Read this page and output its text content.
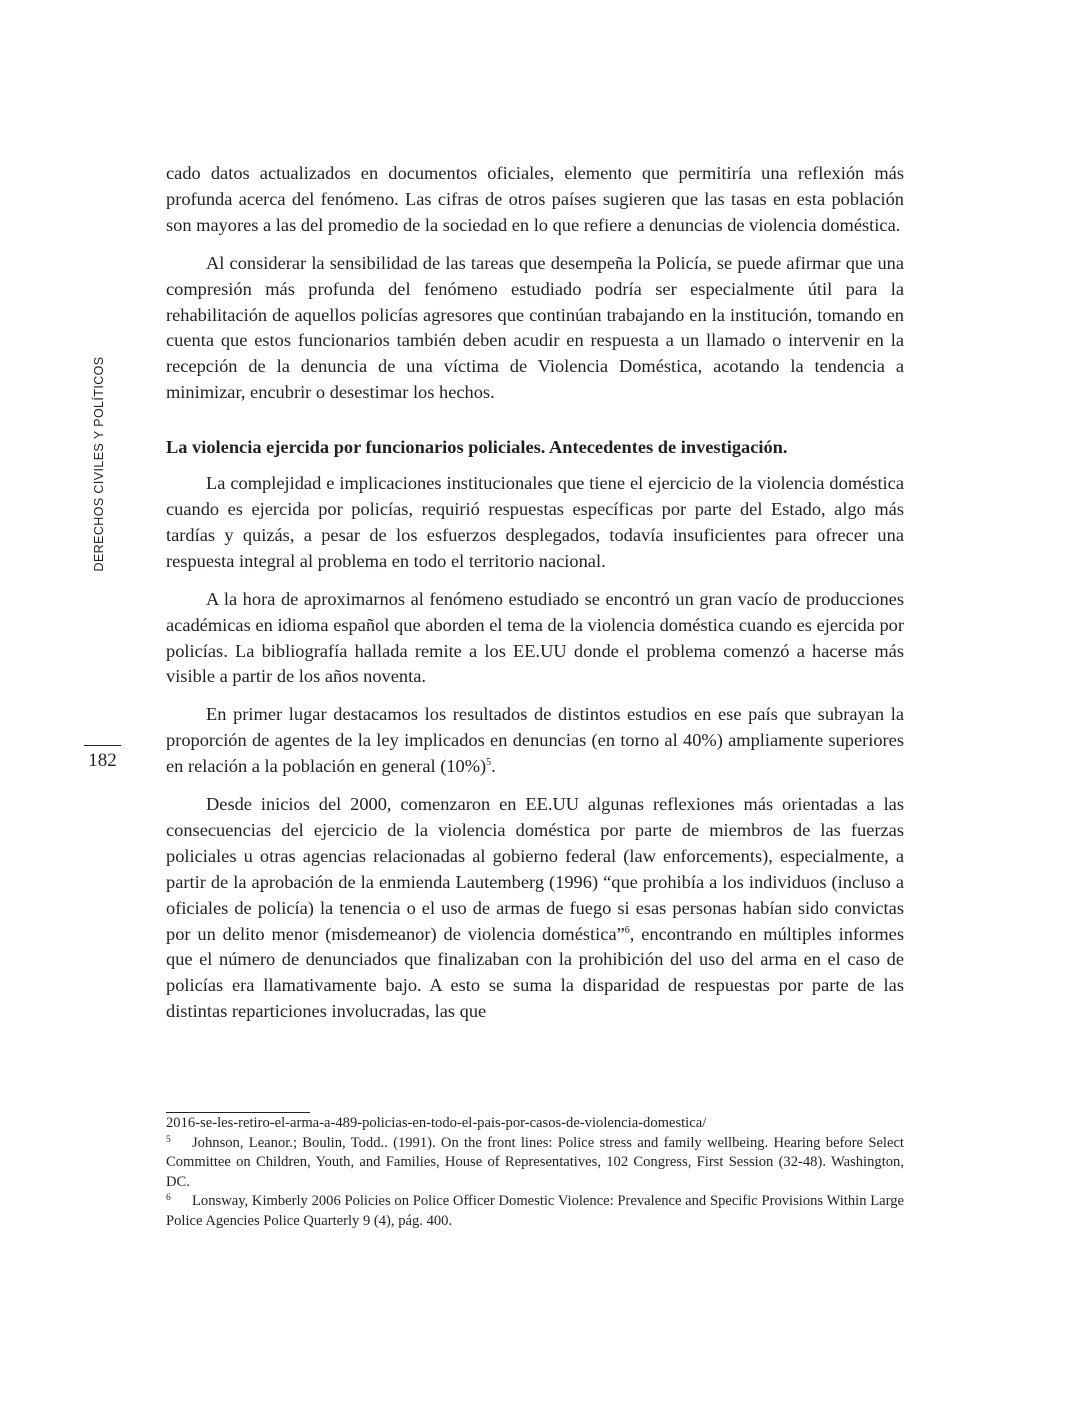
DERECHOS CIVILES Y POLÍTICOS
182

cado datos actualizados en documentos oficiales, elemento que permitiría una reflexión más profunda acerca del fenómeno. Las cifras de otros países sugieren que las tasas en esta población son mayores a las del promedio de la sociedad en lo que refiere a denuncias de violencia doméstica.

Al considerar la sensibilidad de las tareas que desempeña la Policía, se puede afirmar que una compresión más profunda del fenómeno estudiado podría ser especialmente útil para la rehabilitación de aquellos policías agresores que continúan trabajando en la institución, tomando en cuenta que estos funcionarios también deben acudir en respuesta a un llamado o intervenir en la recepción de la denuncia de una víctima de Violencia Doméstica, acotando la tendencia a minimizar, encubrir o desestimar los hechos.

La violencia ejercida por funcionarios policiales. Antecedentes de investigación.

La complejidad e implicaciones institucionales que tiene el ejercicio de la violencia doméstica cuando es ejercida por policías, requirió respuestas específicas por parte del Estado, algo más tardías y quizás, a pesar de los esfuerzos desplegados, todavía insuficientes para ofrecer una respuesta integral al problema en todo el territorio nacional.

A la hora de aproximarnos al fenómeno estudiado se encontró un gran vacío de producciones académicas en idioma español que aborden el tema de la violencia doméstica cuando es ejercida por policías. La bibliografía hallada remite a los EE.UU donde el problema comenzó a hacerse más visible a partir de los años noventa.

En primer lugar destacamos los resultados de distintos estudios en ese país que subrayan la proporción de agentes de la ley implicados en denuncias (en torno al 40%) ampliamente superiores en relación a la población en general $(10\%)^5$.

Desde inicios del 2000, comenzaron en EE.UU algunas reflexiones más orientadas a las consecuencias del ejercicio de la violencia doméstica por parte de miembros de las fuerzas policiales u otras agencias relacionadas al gobierno federal (law enforcements), especialmente, a partir de la aprobación de la enmienda Lautemberg (1996) “que prohibía a los individuos (incluso a oficiales de policía) la tenencia o el uso de armas de fuego si esas personas habían sido convictas por un delito menor (misdemeanor) de violencia doméstica”$^6$, encontrando en múltiples informes que el número de denunciados que finalizaban con la prohibición del uso del arma en el caso de policías era llamativamente bajo. A esto se suma la disparidad de respuestas por parte de las distintas reparticiones involucradas, las que

2016-se-les-retiro-el-arma-a-489-policias-en-todo-el-pais-por-casos-de-violencia-domestica/

5 Johnson, Leanor.; Boulin, Todd.. (1991). On the front lines: Police stress and family wellbeing. Hearing before Select Committee on Children, Youth, and Families, House of Representatives, 102 Congress, First Session (32-48). Washington, DC.

6 Lonsway, Kimberly 2006 Policies on Police Officer Domestic Violence: Prevalence and Specific Provisions Within Large Police Agencies Police Quarterly 9 (4), pág. 400.
